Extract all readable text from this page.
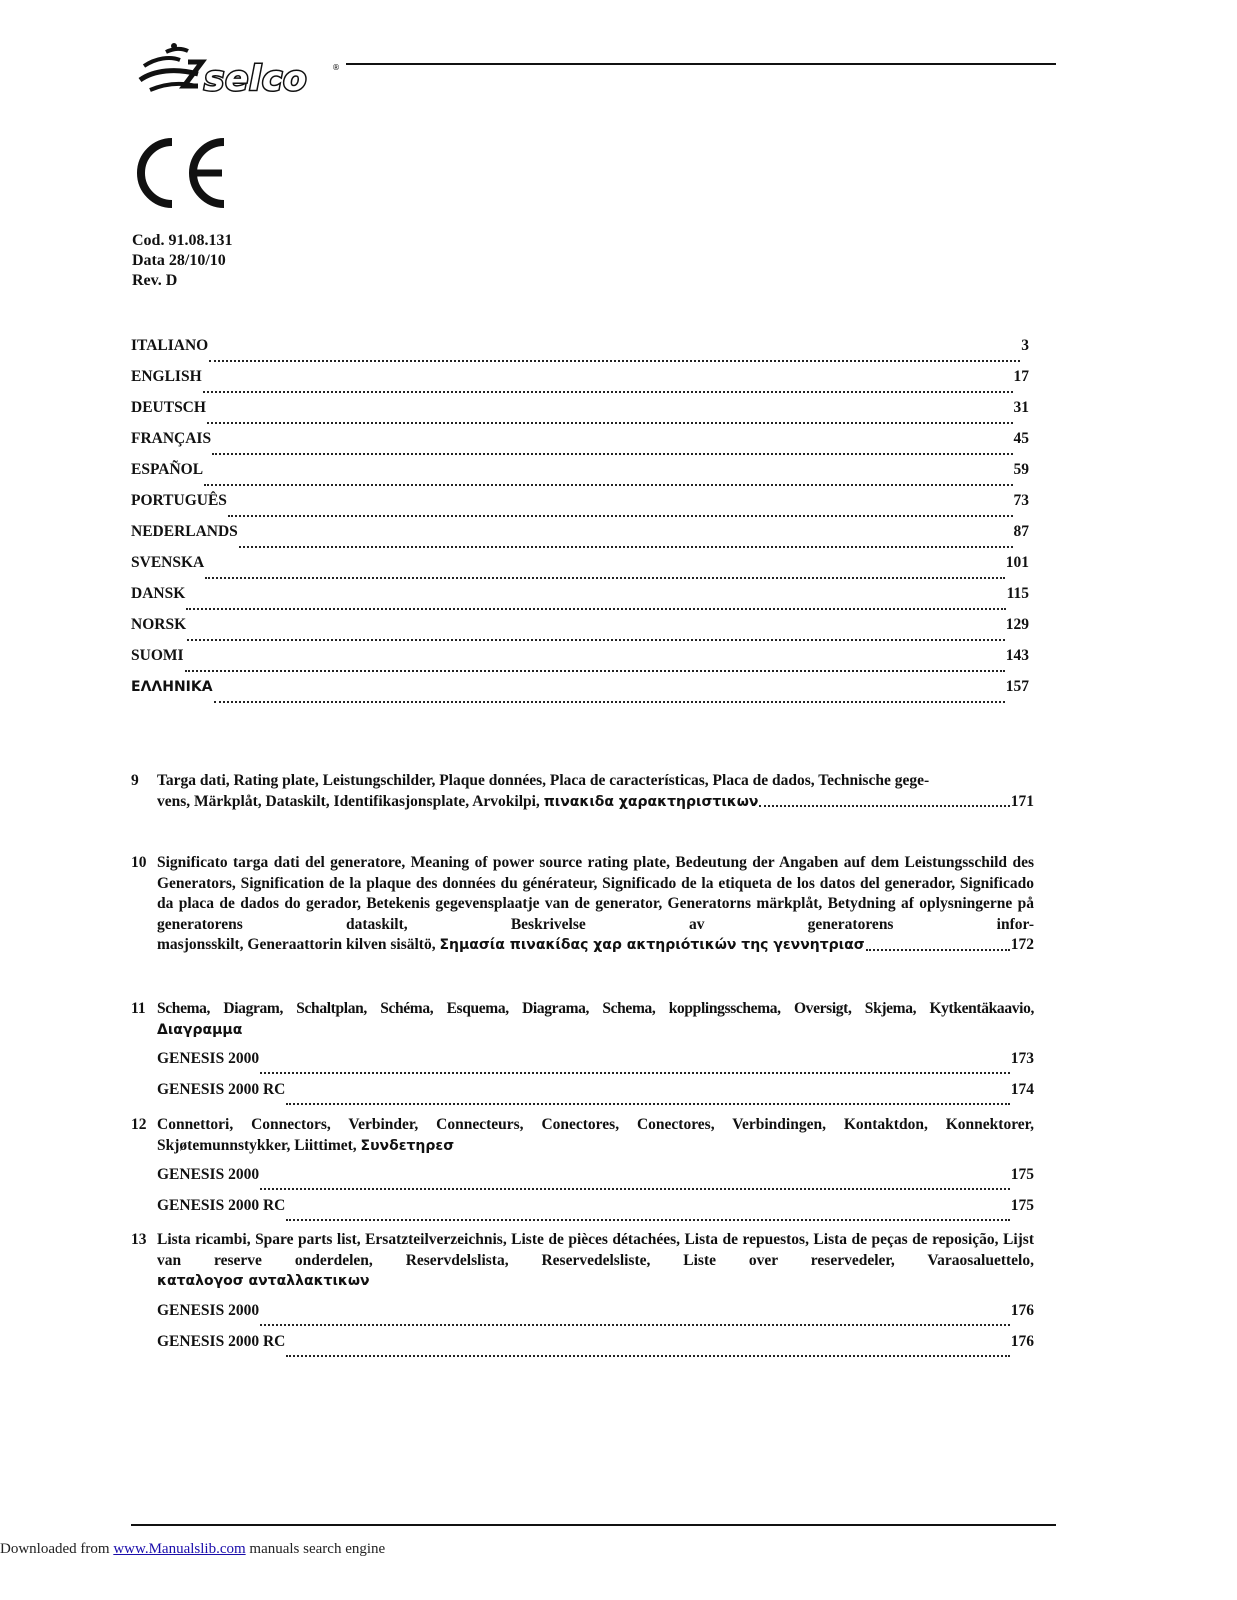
selco	®
Cod. 91.08.131
Data 28/10/10
Rev. D
ITALIANO	3
ENGLISH	17
DEUTSCH	31
FRANÇAIS	45
ESPAÑOL	59
PORTUGUÊS	73
NEDERLANDS	87
SVENSKA	101
DANSK	115
NORSK	129
SUOMI	143
ΕΛΛΗΝΙΚΑ	157
9	Targa dati, Rating plate, Leistungschilder, Plaque données, Placa de características, Placa de dados, Technische gege-
vens, Märkplåt, Dataskilt, Identifikasjonsplate, Arvokilpi, πινακιδα χαρακτηριστικων	171
10 Significato targa dati del generatore, Meaning of power source rating plate, Bedeutung der Angaben auf dem Leistungsschild des Generators, Signification de la plaque des données du générateur, Significado de la etiqueta de los datos del generador, Significado da placa de dados do gerador, Betekenis gegevensplaatje van de generator, Generatorns märkplåt, Betydning af oplysningerne på generatorens dataskilt, Beskrivelse av generatorens infor-
masjonsskilt, Generaattorin kilven sisältö, Σημασία πινακίδας χαρ ακτηριότικών της γεννητριασ	172
11 Schema, Diagram, Schaltplan, Schéma, Esquema, Diagrama, Schema, kopplingsschema, Oversigt, Skjema, Kytkentäkaavio,
Διαγραμμα
GENESIS 2000	173
GENESIS 2000 RC	174
12 Connettori, Connectors, Verbinder, Connecteurs, Conectores, Conectores, Verbindingen, Kontaktdon, Konnektorer, Skjøtemunnstykker, Liittimet, Συνδετηρεσ
GENESIS 2000	175
GENESIS 2000 RC	175
13 Lista ricambi, Spare parts list, Ersatzteilverzeichnis, Liste de pièces détachées, Lista de repuestos, Lista de peças de reposição, Lijst van reserve onderdelen, Reservdelslista, Reservedelsliste, Liste over reservedeler, Varaosaluettelo,
καταλογοσ ανταλλακτικων
GENESIS 2000	176
GENESIS 2000 RC	176
Downloaded from www.Manualslib.com manuals search engine
